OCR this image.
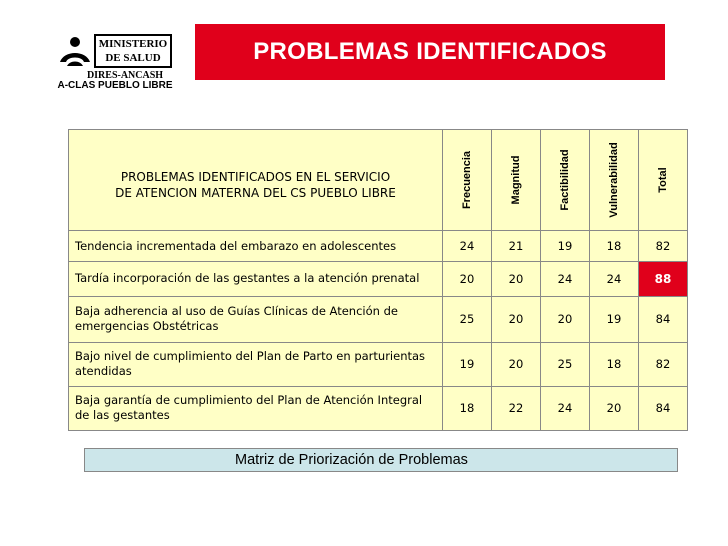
MINISTERIO
DE SALUD
DIRES-ANCASH
A-CLAS PUEBLO LIBRE
PROBLEMAS IDENTIFICADOS
PROBLEMAS IDENTIFICADOS EN EL SERVICIO
DE ATENCION MATERNA DEL CS PUEBLO LIBRE	Frecuencia	Magnitud	Factibilidad	Vulnerabilidad	Total

Tendencia incrementada del embarazo en adolescentes	24	21	19	18	82
Tardía incorporación de las gestantes a la atención prenatal	20	20	24	24	88
Baja adherencia al uso de Guías Clínicas de Atención de emergencias Obstétricas	25	20	20	19	84
Bajo nivel de cumplimiento del Plan de Parto en parturientas atendidas	19	20	25	18	82
Baja garantía de cumplimiento del Plan de Atención Integral de las gestantes	18	22	24	20	84
Matriz de Priorización de Problemas
